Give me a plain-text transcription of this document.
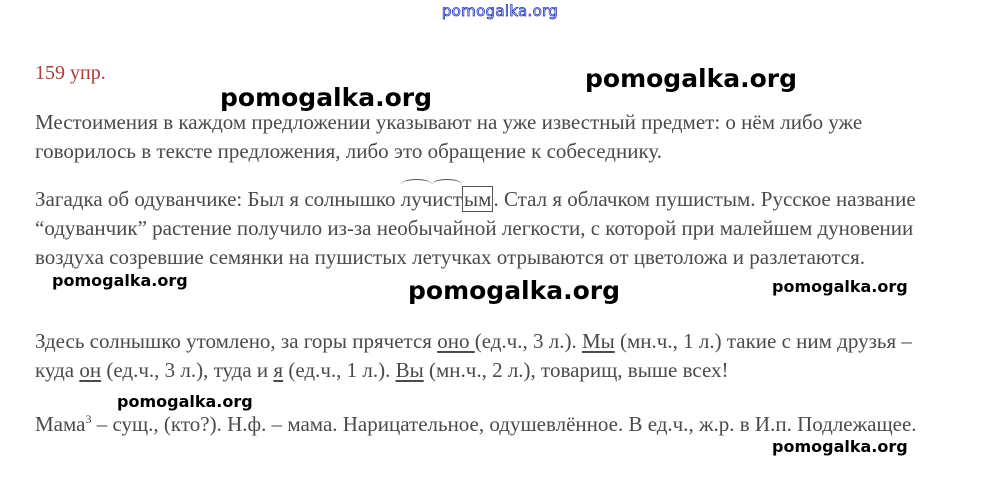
pomogalka.org
159 упр.

Местоимения в каждом предложении указывают на уже известный предмет: о нём либо уже говорилось в тексте предложения, либо это обращение к собеседнику.

Загадка об одуванчике: Был я солнышко лучистым. Стал я облачком пушистым. Русское название “одуванчик” растение получило из-за необычайной легкости, с которой при малейшем дуновении воздуха созревшие семянки на пушистых летучках отрываются от цветоложа и разлетаются.

Здесь солнышко утомлено, за горы прячется оно (ед.ч., 3 л.). Мы (мн.ч., 1 л.) такие с ним друзья – куда он (ед.ч., 3 л.), туда и я (ед.ч., 1 л.). Вы (мн.ч., 2 л.), товарищ, выше всех!

Мама$^3$ – сущ., (кто?). Н.ф. – мама. Нарицательное, одушевлённое. В ед.ч., ж.р. в И.п. Подлежащее.

pomogalka.org
pomogalka.org
pomogalka.org	pomogalka.org	pomogalka.org
pomogalka.org
pomogalka.org
